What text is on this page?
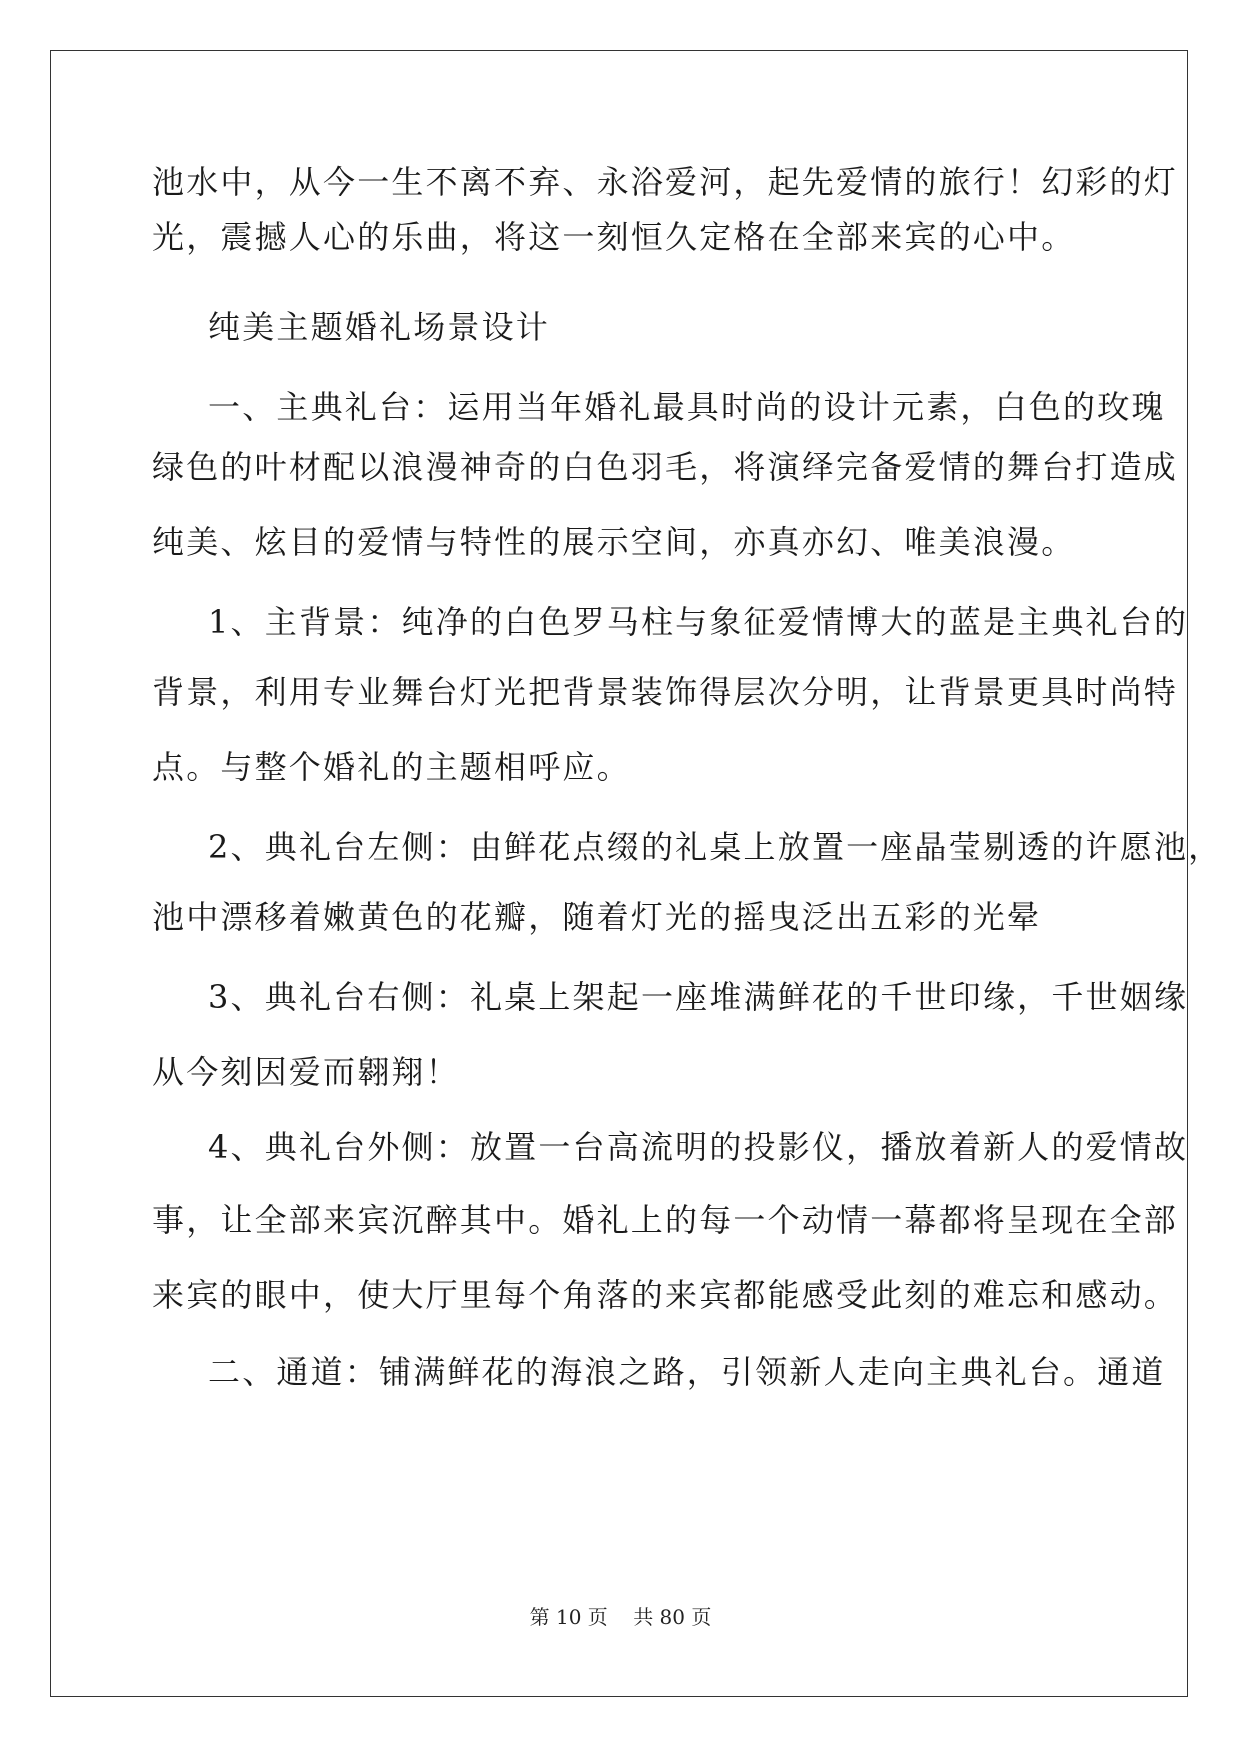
池水中，从今一生不离不弃、永浴爱河，起先爱情的旅行！幻彩的灯
光，震撼人心的乐曲，将这一刻恒久定格在全部来宾的心中。
纯美主题婚礼场景设计
一、主典礼台：运用当年婚礼最具时尚的设计元素，白色的玫瑰
绿色的叶材配以浪漫神奇的白色羽毛，将演绎完备爱情的舞台打造成
纯美、炫目的爱情与特性的展示空间，亦真亦幻、唯美浪漫。
1、主背景：纯净的白色罗马柱与象征爱情博大的蓝是主典礼台的
背景，利用专业舞台灯光把背景装饰得层次分明，让背景更具时尚特
点。与整个婚礼的主题相呼应。
2、典礼台左侧：由鲜花点缀的礼桌上放置一座晶莹剔透的许愿池，
池中漂移着嫩黄色的花瓣，随着灯光的摇曳泛出五彩的光晕
3、典礼台右侧：礼桌上架起一座堆满鲜花的千世印缘，千世姻缘
从今刻因爱而翱翔！
4、典礼台外侧：放置一台高流明的投影仪，播放着新人的爱情故
事，让全部来宾沉醉其中。婚礼上的每一个动情一幕都将呈现在全部
来宾的眼中，使大厅里每个角落的来宾都能感受此刻的难忘和感动。
二、通道：铺满鲜花的海浪之路，引领新人走向主典礼台。通道
第 10 页    共 80 页
